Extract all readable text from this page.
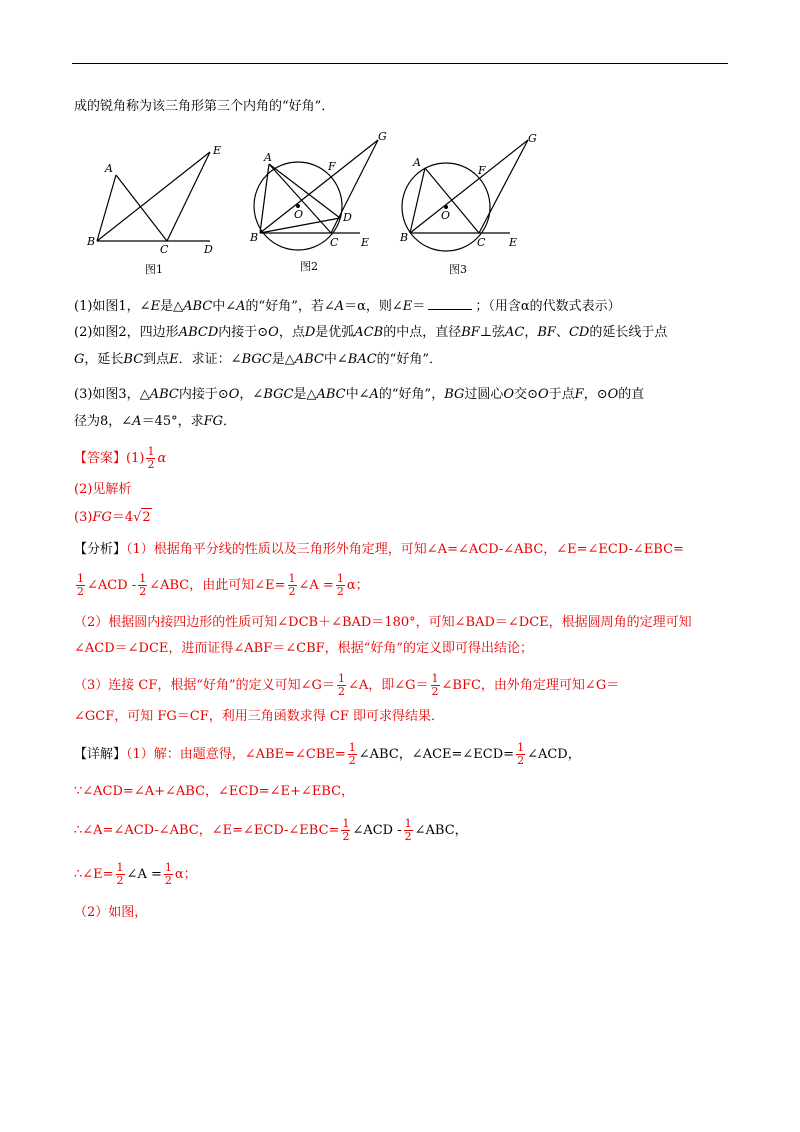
成的锐角称为该三角形第三个内角的“好角”．
A
B
C	D
E
图1
A
B	C
D
E
F
G
O
图2
A
B	C E
F
G
O
图3
(1)如图1，∠E是△ABC中∠A的“好角”，若∠A＝α，则∠E＝	；（用含α的代数式表示）
(2)如图2，四边形ABCD内接于⊙O，点D是优弧ACB的中点，直径BF⊥弦AC，BF、CD的延长线于点
G，延长BC到点E．求证：∠BGC是△ABC中∠BAC的“好角”．
(3)如图3，△ABC内接于⊙O，∠BGC是△ABC中∠A的“好角”，BG过圆心O交⊙O于点F，⊙O的直
径为8，∠A＝45°，求FG．
【答案】$(1) \frac{1}{2}$ α
(2)见解析
(3)FG＝4√2
【分析】（1）根据角平分线的性质以及三角形外角定理，可知∠A=∠ACD-∠ABC，∠E=∠ECD-∠EBC=
$\frac{1}{2}$ ∠ACD - $\frac{1}{2}$ ∠ABC，由此可知∠E= $\frac{1}{2}$ ∠A = $\frac{1}{2}$ α；
（2）根据圆内接四边形的性质可知∠DCB＋∠BAD＝180°，可知∠BAD＝∠DCE，根据圆周角的定理可知
∠ACD＝∠DCE，进而证得∠ABF＝∠CBF，根据“好角”的定义即可得出结论；
（3）连接 CF，根据“好角”的定义可知∠G＝ $\frac{1}{2}$ ∠A，即∠G＝ $\frac{1}{2}$ ∠BFC，由外角定理可知∠G＝
∠GCF，可知 FG＝CF，利用三角函数求得 CF 即可求得结果．
【详解】（1）解：由题意得，∠ABE=∠CBE= $\frac{1}{2}$ ∠ABC，∠ACE=∠ECD= $\frac{1}{2}$ ∠ACD，
∵∠ACD=∠A+∠ABC，∠ECD=∠E+∠EBC，
∴∠A=∠ACD-∠ABC，∠E=∠ECD-∠EBC= $\frac{1}{2}$ ∠ACD - $\frac{1}{2}$ ∠ABC，
∴∠E= $\frac{1}{2}$ ∠A = $\frac{1}{2}$ α；
（2）如图，
